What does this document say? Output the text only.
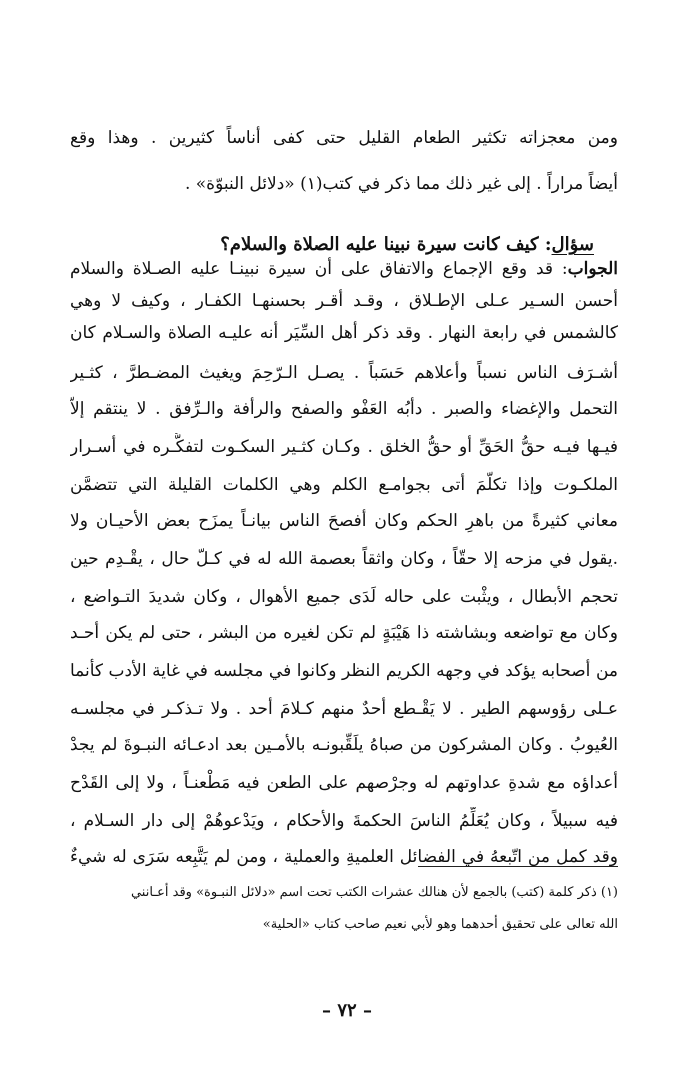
ومن معجزاته تكثير الطعام القليل حتى كفى أناساً كثيرين . وهذا وقع
أيضاً مراراً . إلى غير ذلك مما ذكر في كتب(١) «دلائل النبوّة» .
سؤال: كيف كانت سيرة نبينا عليه الصلاة والسلام؟
الجواب: قد وقع الإجماع والاتفاق على أن سيرة نبينـا عليه الصـلاة والسلام
أحسن السـير عـلى الإطـلاق ، وقـد أقـر بحسنهـا الكفـار ، وكيف لا وهي
كالشمس في رابعة النهار . وقد ذكر أهل السِّيَر أنه عليـه الصلاة والسـلام كان
أشـرَف الناس نسباً وأعلاهم حَسَباً . يصـل الـرّحِمَ ويغيث المضـطرَّ ، كثـير
التحمل والإغضاء والصبر . دأبُه العَفْو والصفح والرأفة والـرِّفق . لا ينتقم إلاّ
فيـها فيـه حقُّ الحَقِّ أو حقُّ الخلق . وكـان كثـير السكـوت لتفكُّـره في أسـرار
الملكـوت وإذا تكلّمَ أتى بجوامـع الكلم وهي الكلمات القليلة التي تتضمَّن
معاني كثيرةً من باهرِ الحكم وكان أفصحَ الناس بيانـاً يمزَح بعض الأحيـان ولا
.يقول في مزحه إلا حقّاً ، وكان واثقاً بعصمة الله له في كـلّ حال ، يقْـدِم حين
تحجم الأبطال ، ويثْبت على حاله لَدَى جميع الأهوال ، وكان شديدَ التـواضع ،
وكان مع تواضعه وبشاشته ذا هَيْبَةٍ لم تكن لغيره من البشر ، حتى لم يكن أحـد
من أصحابه يؤكد في وجهه الكريم النظر وكانوا في مجلسه في غاية الأدب كأنما
عـلى رؤوسهم الطير . لا يَقْـطع أحدٌ منهم كـلامَ أحد . ولا تـذكـر في مجلسـه
العُيوبُ . وكان المشركون من صباهُ يلَقِّبونـه بالأمـين بعد ادعـائه النبـوةَ لم يجدْ
أعداؤه مع شدةِ عداوتهم له وجرْصهم على الطعن فيه مَطْعنـاً ، ولا إلى القَدْح
فيه سبيلاً ، وكان يُعَلِّمُ الناسَ الحكمةَ والأحكام ، ويَدْعوهُمْ إلى دار السـلام ،
وقد كمل من اتّبعهُ في الفضائل العلميةِ والعملية ، ومن لم يَتَّبِعه سَرَى له شيءٌ
(١) ذكر كلمة (كتب) بالجمع لأن هنالك عشرات الكتب تحت اسم «دلائل النبـوة» وقد أعـانني
الله تعالى على تحقيق أحدهما وهو لأبي نعيم صاحب كتاب «الحلية»
– ٧٢ –
